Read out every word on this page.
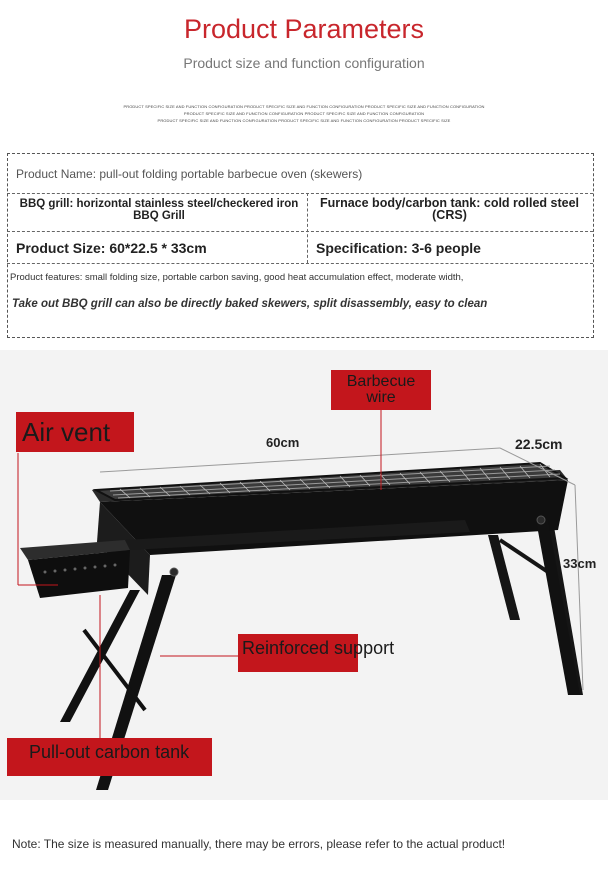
Product Parameters
Product size and function configuration
PRODUCT SPECIFIC SIZE AND FUNCTION CONFIGURATION PRODUCT SPECIFIC SIZE AND FUNCTION CONFIGURATION PRODUCT SPECIFIC SIZE AND FUNCTION CONFIGURATION
PRODUCT SPECIFIC SIZE AND FUNCTION CONFIGURATION PRODUCT SPECIFIC SIZE AND FUNCTION CONFIGURATION
PRODUCT SPECIFIC SIZE AND FUNCTION CONFIGURATION PRODUCT SPECIFIC SIZE AND FUNCTION CONFIGURATION PRODUCT SPECIFIC SIZE
Product Name: pull-out folding portable barbecue oven (skewers)
BBQ grill: horizontal stainless steel/checkered iron BBQ Grill
Furnace body/carbon tank: cold rolled steel (CRS)
Product Size: 60*22.5 * 33cm	Specification: 3-6 people
Product features: small folding size, portable carbon saving, good heat accumulation effect, moderate width,
Take out BBQ grill can also be directly baked skewers, split disassembly, easy to clean
Barbecue wire
Air vent
Reinforced support
Pull-out carbon tank
60cm	22.5cm
33cm
Note: The size is measured manually, there may be errors, please refer to the actual product!
